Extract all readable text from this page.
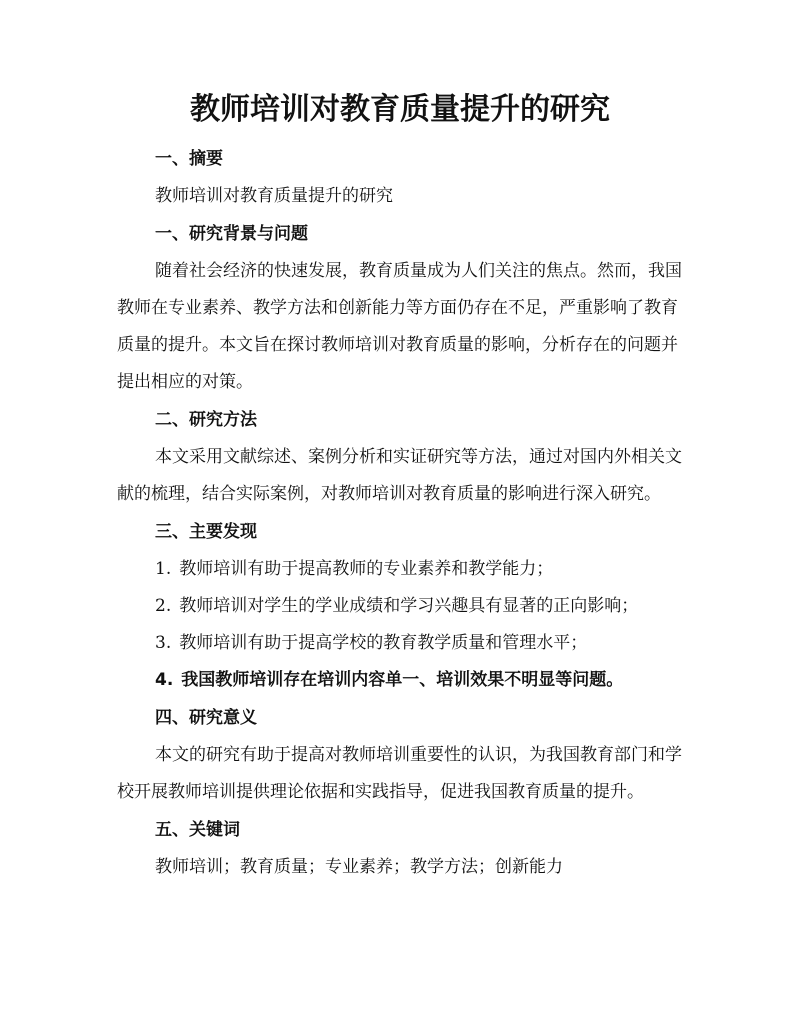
教师培训对教育质量提升的研究
一、摘要

教师培训对教育质量提升的研究

一、研究背景与问题

随着社会经济的快速发展，教育质量成为人们关注的焦点。然而，我国教师在专业素养、教学方法和创新能力等方面仍存在不足，严重影响了教育质量的提升。本文旨在探讨教师培训对教育质量的影响，分析存在的问题并提出相应的对策。

二、研究方法

本文采用文献综述、案例分析和实证研究等方法，通过对国内外相关文献的梳理，结合实际案例，对教师培训对教育质量的影响进行深入研究。

三、主要发现
1. 教师培训有助于提高教师的专业素养和教学能力；
2. 教师培训对学生的学业成绩和学习兴趣具有显著的正向影响；
3. 教师培训有助于提高学校的教育教学质量和管理水平；
4. 我国教师培训存在培训内容单一、培训效果不明显等问题。
四、研究意义

本文的研究有助于提高对教师培训重要性的认识，为我国教育部门和学校开展教师培训提供理论依据和实践指导，促进我国教育质量的提升。

五、关键词

教师培训；教育质量；专业素养；教学方法；创新能力
